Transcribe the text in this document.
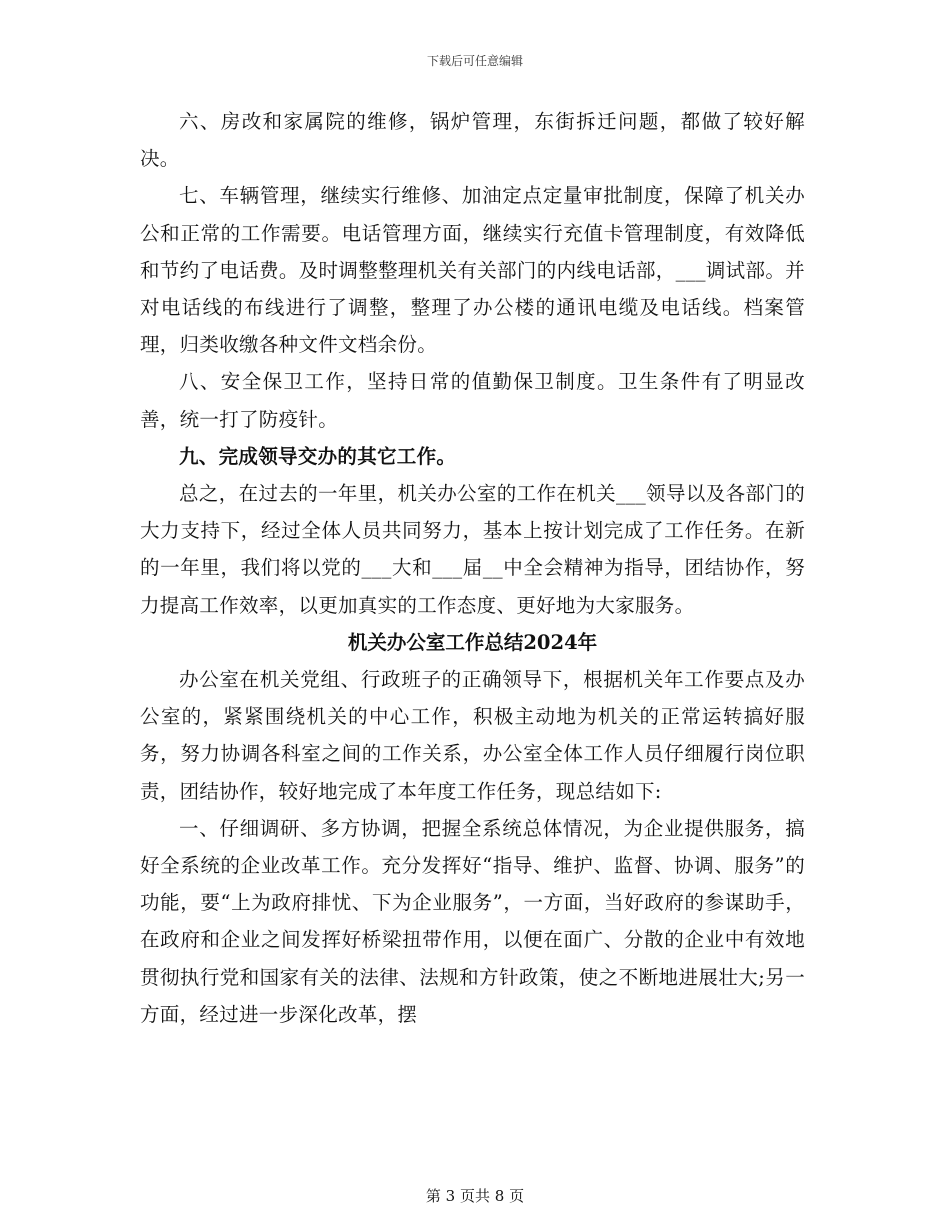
下载后可任意编辑

六、房改和家属院的维修，锅炉管理，东街拆迁问题，都做了较好解决。

七、车辆管理，继续实行维修、加油定点定量审批制度，保障了机关办公和正常的工作需要。电话管理方面，继续实行充值卡管理制度，有效降低和节约了电话费。及时调整整理机关有关部门的内线电话部，___调试部。并对电话线的布线进行了调整，整理了办公楼的通讯电缆及电话线。档案管理，归类收缴各种文件文档余份。

八、安全保卫工作，坚持日常的值勤保卫制度。卫生条件有了明显改善，统一打了防疫针。

九、完成领导交办的其它工作。

总之，在过去的一年里，机关办公室的工作在机关___领导以及各部门的大力支持下，经过全体人员共同努力，基本上按计划完成了工作任务。在新的一年里，我们将以党的___大和___届__中全会精神为指导，团结协作，努力提高工作效率，以更加真实的工作态度、更好地为大家服务。

机关办公室工作总结2024年

办公室在机关党组、行政班子的正确领导下，根据机关年工作要点及办公室的，紧紧围绕机关的中心工作，积极主动地为机关的正常运转搞好服务，努力协调各科室之间的工作关系，办公室全体工作人员仔细履行岗位职责，团结协作，较好地完成了本年度工作任务，现总结如下:

一、仔细调研、多方协调，把握全系统总体情况，为企业提供服务，搞好全系统的企业改革工作。充分发挥好“指导、维护、监督、协调、服务”的功能，要“上为政府排忧、下为企业服务”，一方面，当好政府的参谋助手，在政府和企业之间发挥好桥梁扭带作用，以便在面广、分散的企业中有效地贯彻执行党和国家有关的法律、法规和方针政策，使之不断地进展壮大;另一方面，经过进一步深化改革，摆

第 3 页共 8 页
